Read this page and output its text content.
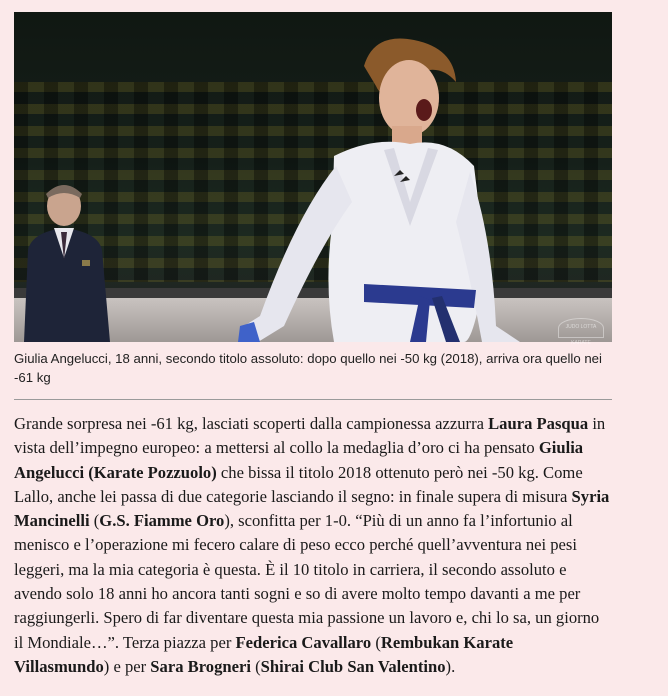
JUDO LOTTA KARATE
Giulia Angelucci, 18 anni, secondo titolo assoluto: dopo quello nei -50 kg (2018), arriva ora quello nei -61 kg

Grande sorpresa nei -61 kg, lasciati scoperti dalla campionessa azzurra Laura Pasqua in vista dell’impegno europeo: a mettersi al collo la medaglia d’oro ci ha pensato Giulia Angelucci (Karate Pozzuolo) che bissa il titolo 2018 ottenuto però nei -50 kg. Come Lallo, anche lei passa di due categorie lasciando il segno: in finale supera di misura Syria Mancinelli (G.S. Fiamme Oro), sconfitta per 1-0. “Più di un anno fa l’infortunio al menisco e l’operazione mi fecero calare di peso ecco perché quell’avventura nei pesi leggeri, ma la mia categoria è questa. È il 10 titolo in carriera, il secondo assoluto e avendo solo 18 anni ho ancora tanti sogni e so di avere molto tempo davanti a me per raggiungerli. Spero di far diventare questa mia passione un lavoro e, chi lo sa, un giorno il Mondiale…”. Terza piazza per Federica Cavallaro (Rembukan Karate Villasmundo) e per Sara Brogneri (Shirai Club San Valentino).
